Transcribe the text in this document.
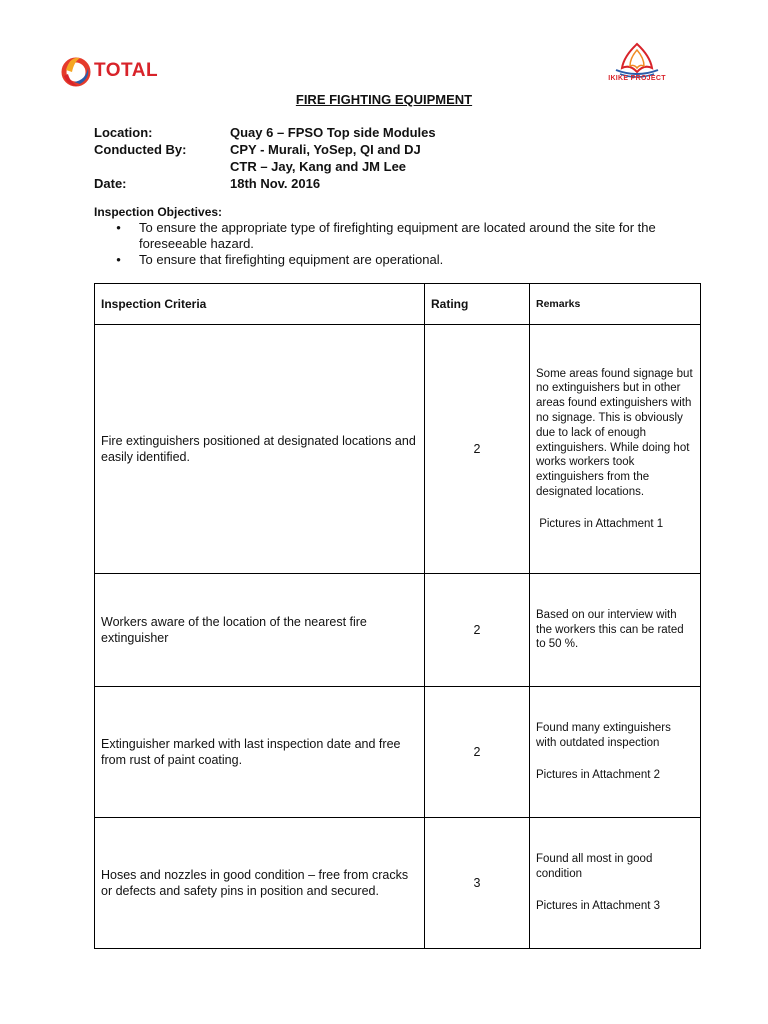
TOTAL	IKIKE PROJECT
FIRE FIGHTING EQUIPMENT
Location:	Quay 6 – FPSO Top side Modules
Conducted By:	CPY - Murali, YoSep, QI and DJ
CTR – Jay, Kang and JM Lee
Date:	18th Nov. 2016
Inspection Objectives:
•	To ensure the appropriate type of firefighting equipment are located around the site for the foreseeable hazard.
•	To ensure that firefighting equipment are operational.
Inspection Criteria	Rating	Remarks
Fire extinguishers positioned at designated locations and easily identified.	2	Some areas found signage but no extinguishers but in other areas found extinguishers with no signage. This is obviously due to lack of enough extinguishers. While doing hot works workers took extinguishers from the designated locations.
Pictures in Attachment 1

Workers aware of the location of the nearest fire extinguisher	2	Based on our interview with the workers this can be rated to 50 %.

Extinguisher marked with last inspection date and free from rust of paint coating.	2	Found many extinguishers with outdated inspection
Pictures in Attachment 2

Hoses and nozzles in good condition – free from cracks or defects and safety pins in position and secured.	3	Found all most in good condition
Pictures in Attachment 3
